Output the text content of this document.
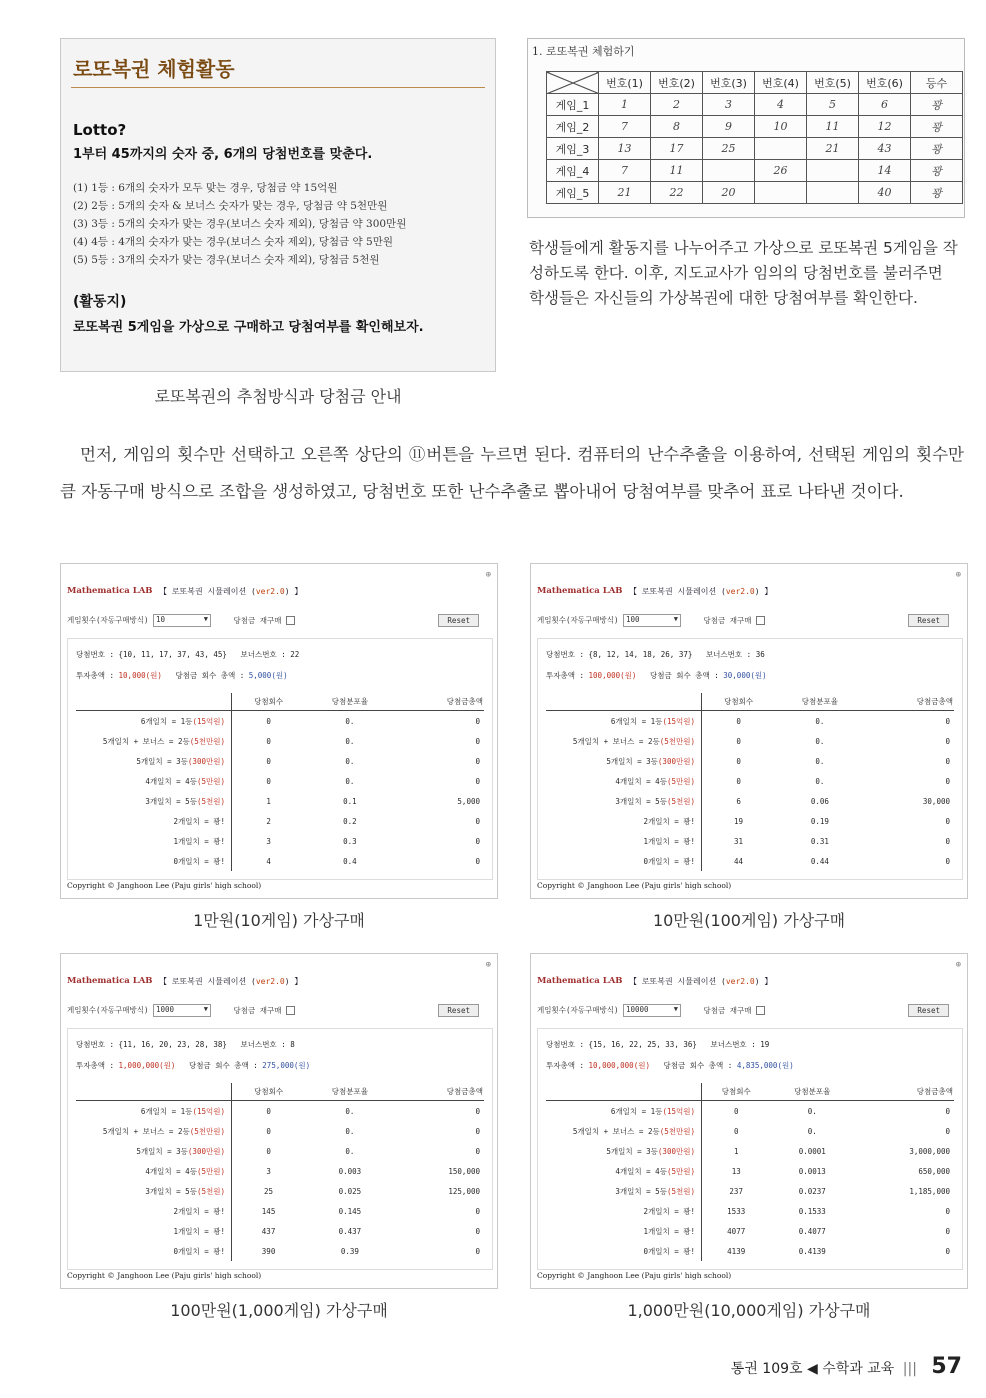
로또복권 체험활동
Lotto?
1부터 45까지의 숫자 중, 6개의 당첨번호를 맞춘다.
(1) 1등 : 6개의 숫자가 모두 맞는 경우, 당첨금 약 15억원
(2) 2등 : 5개의 숫자 & 보너스 숫자가 맞는 경우, 당첨금 약 5천만원
(3) 3등 : 5개의 숫자가 맞는 경우(보너스 숫자 제외), 당첨금 약 300만원
(4) 4등 : 4개의 숫자가 맞는 경우(보너스 숫자 제외), 당첨금 약 5만원
(5) 5등 : 3개의 숫자가 맞는 경우(보너스 숫자 제외), 당첨금 5천원
(활동지)
로또복권 5게임을 가상으로 구매하고 당첨여부를 확인해보자.
로또복권의 추첨방식과 당첨금 안내
1. 로또복권 체험하기
	번호(1)	번호(2)	번호(3)	번호(4)	번호(5)	번호(6)	등수
게임_1	1	2	3	4	5	6	꽝
게임_2	7	8	9	10	11	12	꽝
게임_3	13	17	25		21	43	꽝
게임_4	7	11		26		14	꽝
게임_5	21	22	20			40	꽝
학생들에게 활동지를 나누어주고 가상으로 로또복권 5게임을 작성하도록 한다. 이후, 지도교사가 임의의 당첨번호를 불러주면 학생들은 자신들의 가상복권에 대한 당첨여부를 확인한다.
먼저, 게임의 횟수만 선택하고 오른쪽 상단의 ⑪버튼을 누르면 된다. 컴퓨터의 난수추출을 이용하여, 선택된 게임의 횟수만큼 자동구매 방식으로 조합을 생성하였고, 당첨번호 또한 난수추출로 뽑아내어 당첨여부를 맞추어 표로 나타낸 것이다.
⊕
Mathematica LAB 【 로또복권 시뮬레이션 (ver2.0) 】
게임횟수(자동구매방식) 10	▼	당첨금 재구매	Reset
당첨번호 : {10, 11, 17, 37, 43, 45} 보너스번호 : 22
투자총액 : 10,000(원) 당첨금 회수 총액 : 5,000(원)
	당첨회수	당첨분포율	당첨금총액
6개일치 = 1등(15억원)	0	0.	0
5개일치 + 보너스 = 2등(5천만원)	0	0.	0
5개일치 = 3등(300만원)	0	0.	0
4개일치 = 4등(5만원)	0	0.	0
3개일치 = 5등(5천원)	1	0.1	5,000
2개일치 = 꽝!	2	0.2	0
1개일치 = 꽝!	3	0.3	0
0개일치 = 꽝!	4	0.4	0
Copyright © Janghoon Lee (Paju girls' high school)
1만원(10게임) 가상구매
⊕
Mathematica LAB 【 로또복권 시뮬레이션 (ver2.0) 】
게임횟수(자동구매방식) 100	▼	당첨금 재구매	Reset
당첨번호 : {8, 12, 14, 18, 26, 37} 보너스번호 : 36
투자총액 : 100,000(원) 당첨금 회수 총액 : 30,000(원)
	당첨회수	당첨분포율	당첨금총액
6개일치 = 1등(15억원)	0	0.	0
5개일치 + 보너스 = 2등(5천만원)	0	0.	0
5개일치 = 3등(300만원)	0	0.	0
4개일치 = 4등(5만원)	0	0.	0
3개일치 = 5등(5천원)	6	0.06	30,000
2개일치 = 꽝!	19	0.19	0
1개일치 = 꽝!	31	0.31	0
0개일치 = 꽝!	44	0.44	0
Copyright © Janghoon Lee (Paju girls' high school)
10만원(100게임) 가상구매
⊕
Mathematica LAB 【 로또복권 시뮬레이션 (ver2.0) 】
게임횟수(자동구매방식) 1000	▼	당첨금 재구매	Reset
당첨번호 : {11, 16, 20, 23, 28, 38} 보너스번호 : 8
투자총액 : 1,000,000(원) 당첨금 회수 총액 : 275,000(원)
	당첨회수	당첨분포율	당첨금총액
6개일치 = 1등(15억원)	0	0.	0
5개일치 + 보너스 = 2등(5천만원)	0	0.	0
5개일치 = 3등(300만원)	0	0.	0
4개일치 = 4등(5만원)	3	0.003	150,000
3개일치 = 5등(5천원)	25	0.025	125,000
2개일치 = 꽝!	145	0.145	0
1개일치 = 꽝!	437	0.437	0
0개일치 = 꽝!	390	0.39	0
Copyright © Janghoon Lee (Paju girls' high school)
100만원(1,000게임) 가상구매
⊕
Mathematica LAB 【 로또복권 시뮬레이션 (ver2.0) 】
게임횟수(자동구매방식) 10000	▼	당첨금 재구매	Reset
당첨번호 : {15, 16, 22, 25, 33, 36} 보너스번호 : 19
투자총액 : 10,000,000(원) 당첨금 회수 총액 : 4,835,000(원)
	당첨회수	당첨분포율	당첨금총액
6개일치 = 1등(15억원)	0	0.	0
5개일치 + 보너스 = 2등(5천만원)	0	0.	0
5개일치 = 3등(300만원)	1	0.0001	3,000,000
4개일치 = 4등(5만원)	13	0.0013	650,000
3개일치 = 5등(5천원)	237	0.0237	1,185,000
2개일치 = 꽝!	1533	0.1533	0
1개일치 = 꽝!	4077	0.4077	0
0개일치 = 꽝!	4139	0.4139	0
Copyright © Janghoon Lee (Paju girls' high school)
1,000만원(10,000게임) 가상구매
통권 109호 ◀ 수학과 교육 ||| 57
